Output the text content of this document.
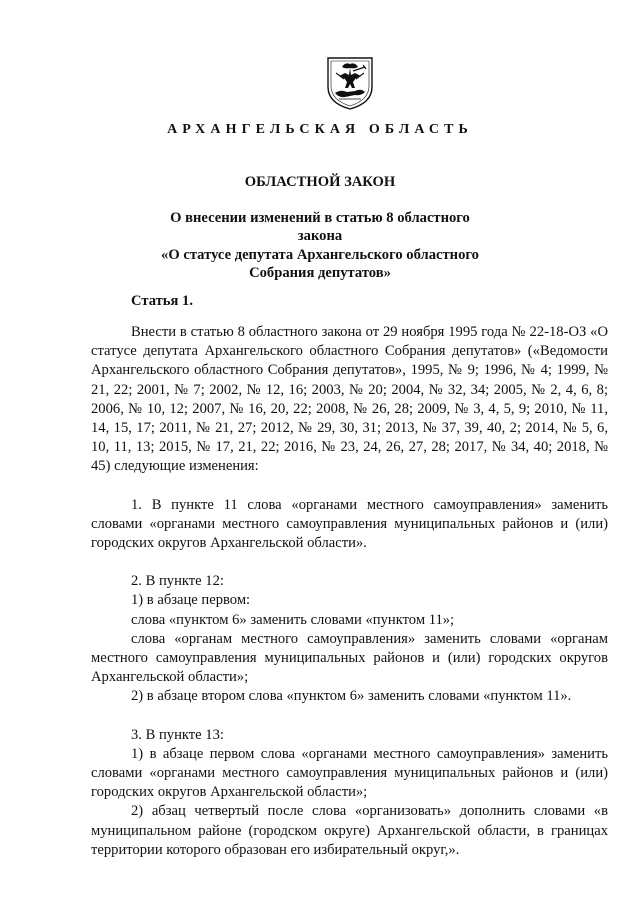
АРХАНГЕЛЬСКАЯ ОБЛАСТЬ
ОБЛАСТНОЙ ЗАКОН
О внесении изменений в статью 8 областного закона
«О статусе депутата Архангельского областного Собрания депутатов»
Статья 1.

Внести в статью 8 областного закона от 29 ноября 1995 года № 22-18-ОЗ «О статусе депутата Архангельского областного Собрания депутатов» («Ведомости Архангельского областного Собрания депутатов», 1995, № 9; 1996, № 4; 1999, № 21, 22; 2001, № 7; 2002, № 12, 16; 2003, № 20; 2004, № 32, 34; 2005, № 2, 4, 6, 8; 2006, № 10, 12; 2007, № 16, 20, 22; 2008, № 26, 28; 2009, № 3, 4, 5, 9; 2010, № 11, 14, 15, 17; 2011, № 21, 27; 2012, № 29, 30, 31; 2013, № 37, 39, 40, 2; 2014, № 5, 6, 10, 11, 13; 2015, № 17, 21, 22; 2016, № 23, 24, 26, 27, 28; 2017, № 34, 40; 2018, № 45) следующие изменения:

1. В пункте 11 слова «органами местного самоуправления» заменить словами «органами местного самоуправления муниципальных районов и (или) городских округов Архангельской области».

2. В пункте 12:

1) в абзаце первом:

слова «пунктом 6» заменить словами «пунктом 11»;

слова «органам местного самоуправления» заменить словами «органам местного самоуправления муниципальных районов и (или) городских округов Архангельской области»;

2) в абзаце втором слова «пунктом 6» заменить словами «пунктом 11».

3. В пункте 13:

1) в абзаце первом слова «органами местного самоуправления» заменить словами «органами местного самоуправления муниципальных районов и (или) городских округов Архангельской области»;

2) абзац четвертый после слова «организовать» дополнить словами «в муниципальном районе (городском округе) Архангельской области, в границах территории которого образован его избирательный округ,».
